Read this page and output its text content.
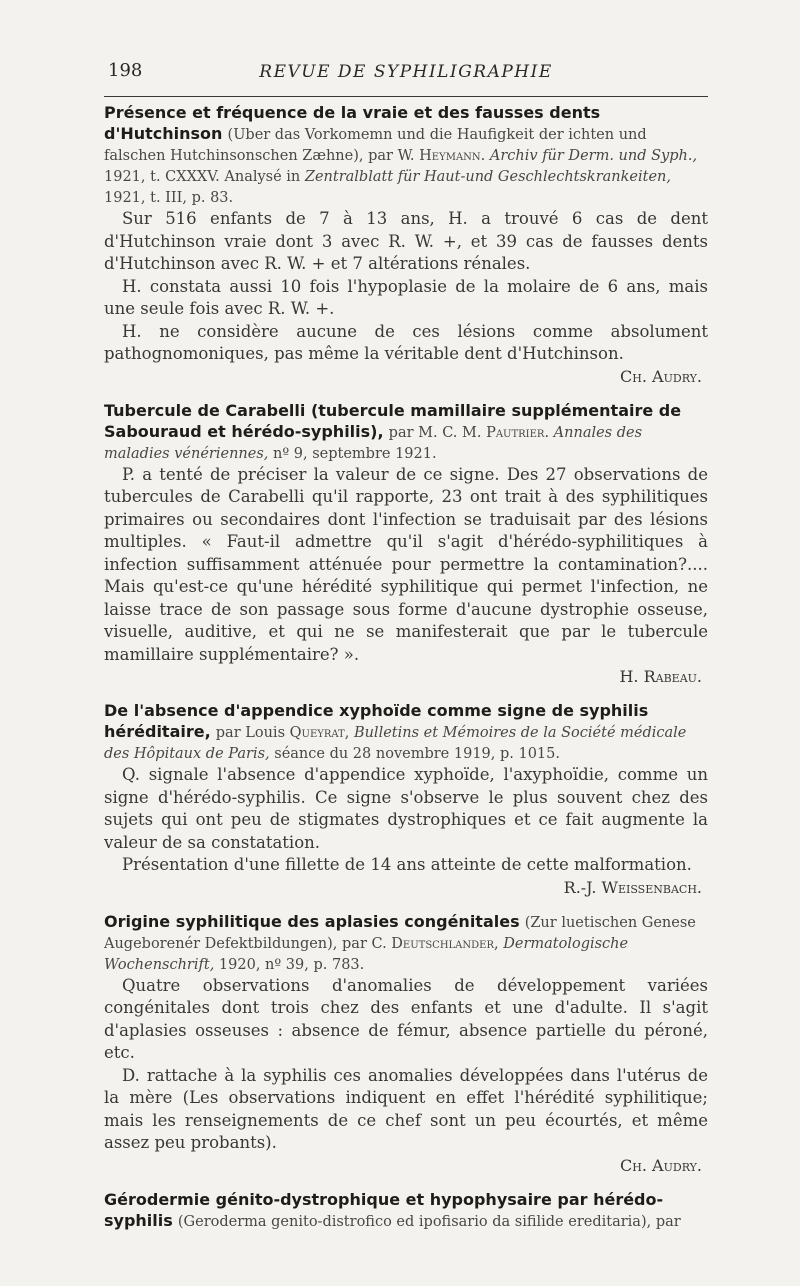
198	REVUE DE SYPHILIGRAPHIE
Présence et fréquence de la vraie et des fausses dents d'Hutchinson (Uber das Vorkomemn und die Haufigkeit der ichten und falschen Hutchinsonschen Zæhne), par W. Heymann. Archiv für Derm. und Syph., 1921, t. CXXXV. Analysé in Zentralblatt für Haut-und Geschlechtskrankeiten, 1921, t. III, p. 83.

Sur 516 enfants de 7 à 13 ans, H. a trouvé 6 cas de dent d'Hutchinson vraie dont 3 avec R. W. +, et 39 cas de fausses dents d'Hutchinson avec R. W. + et 7 altérations rénales.

H. constata aussi 10 fois l'hypoplasie de la molaire de 6 ans, mais une seule fois avec R. W. +.

H. ne considère aucune de ces lésions comme absolument pathognomoniques, pas même la véritable dent d'Hutchinson.

Ch. Audry.

Tubercule de Carabelli (tubercule mamillaire supplémentaire de Sabouraud et hérédo-syphilis), par M. C. M. Pautrier. Annales des maladies vénériennes, nº 9, septembre 1921.

P. a tenté de préciser la valeur de ce signe. Des 27 observations de tubercules de Carabelli qu'il rapporte, 23 ont trait à des syphilitiques primaires ou secondaires dont l'infection se traduisait par des lésions multiples. « Faut-il admettre qu'il s'agit d'hérédo-syphilitiques à infection suffisamment atténuée pour permettre la contamination?.... Mais qu'est-ce qu'une hérédité syphilitique qui permet l'infection, ne laisse trace de son passage sous forme d'aucune dystrophie osseuse, visuelle, auditive, et qui ne se manifesterait que par le tubercule mamillaire supplémentaire? ».

H. Rabeau.

De l'absence d'appendice xyphoïde comme signe de syphilis héréditaire, par Louis Queyrat, Bulletins et Mémoires de la Société médicale des Hôpitaux de Paris, séance du 28 novembre 1919, p. 1015.

Q. signale l'absence d'appendice xyphoïde, l'axyphoïdie, comme un signe d'hérédo-syphilis. Ce signe s'observe le plus souvent chez des sujets qui ont peu de stigmates dystrophiques et ce fait augmente la valeur de sa constatation.

Présentation d'une fillette de 14 ans atteinte de cette malformation.

R.-J. Weissenbach.

Origine syphilitique des aplasies congénitales (Zur luetischen Genese Augeborenér Defektbildungen), par C. Deutschlander, Dermatologische Wochenschrift, 1920, nº 39, p. 783.

Quatre observations d'anomalies de développement variées congénitales dont trois chez des enfants et une d'adulte. Il s'agit d'aplasies osseuses : absence de fémur, absence partielle du péroné, etc.

D. rattache à la syphilis ces anomalies développées dans l'utérus de la mère (Les observations indiquent en effet l'hérédité syphilitique; mais les renseignements de ce chef sont un peu écourtés, et même assez peu probants).

Ch. Audry.

Gérodermie génito-dystrophique et hypophysaire par hérédo-syphilis (Geroderma genito-distrofico ed ipofisario da sifilide ereditaria), par
